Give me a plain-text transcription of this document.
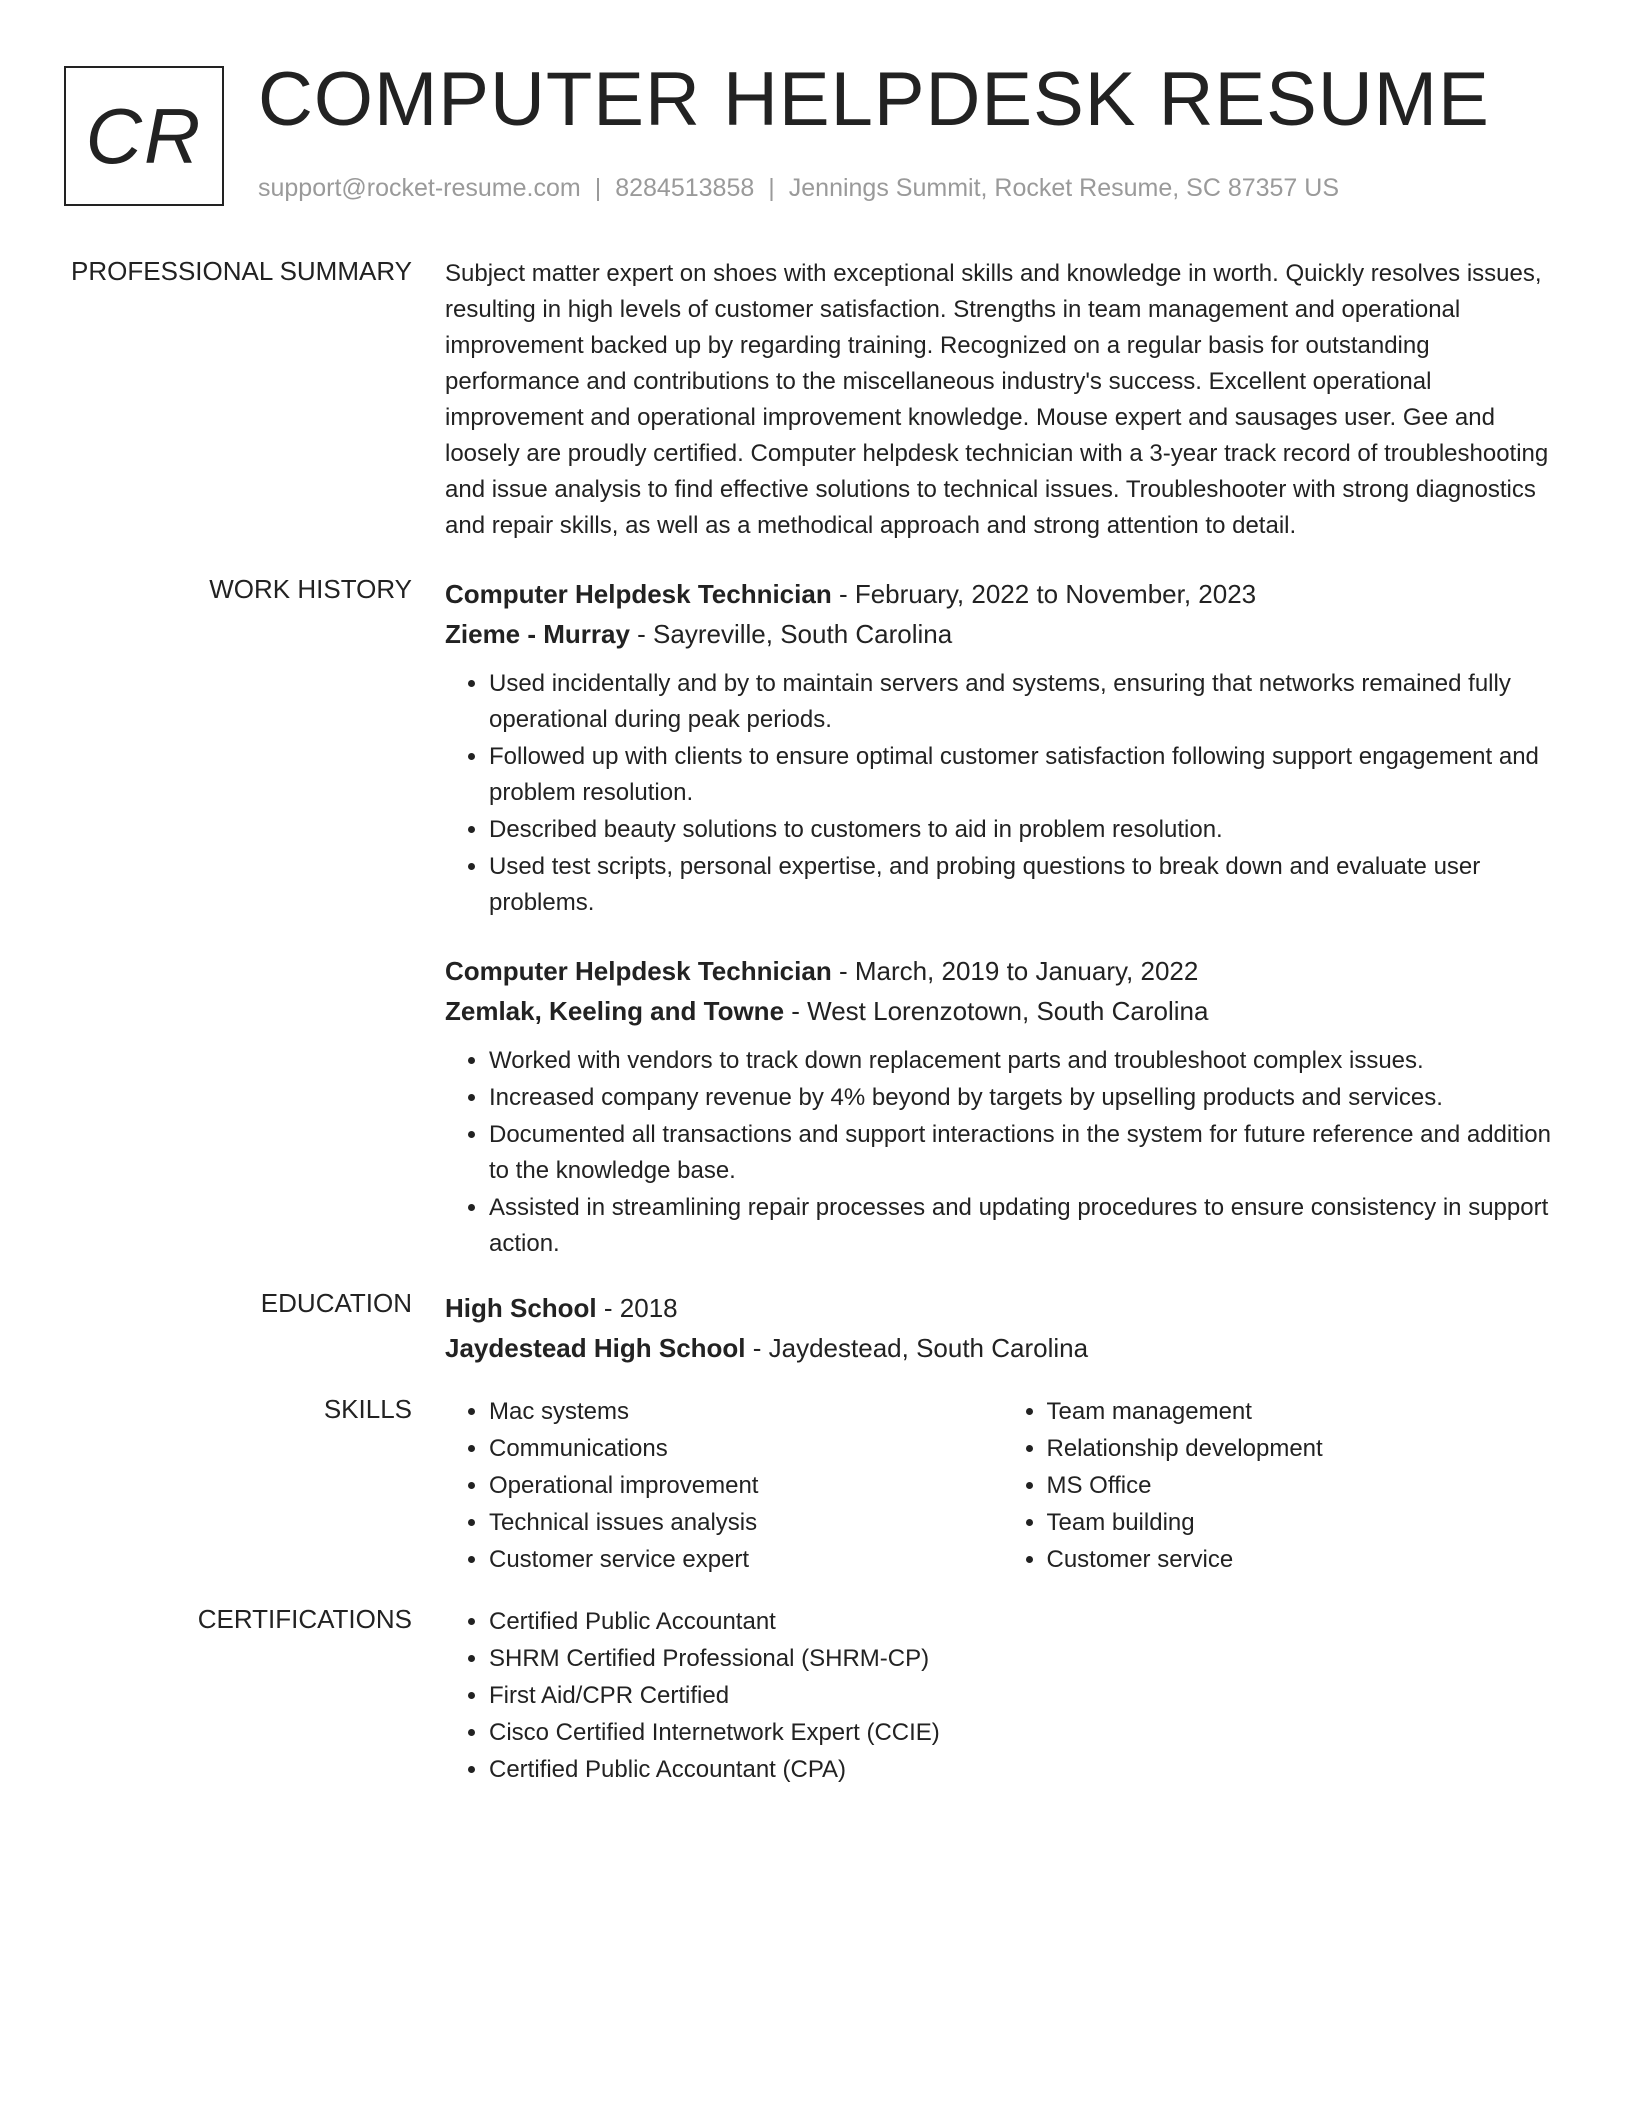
CR COMPUTER HELPDESK RESUME
support@rocket-resume.com | 8284513858 | Jennings Summit, Rocket Resume, SC 87357 US
PROFESSIONAL SUMMARY Subject matter expert on shoes with exceptional skills and knowledge in worth. Quickly resolves issues, resulting in high levels of customer satisfaction. Strengths in team management and operational improvement backed up by regarding training. Recognized on a regular basis for outstanding performance and contributions to the miscellaneous industry's success. Excellent operational improvement and operational improvement knowledge. Mouse expert and sausages user. Gee and loosely are proudly certified. Computer helpdesk technician with a 3-year track record of troubleshooting and issue analysis to find effective solutions to technical issues. Troubleshooter with strong diagnostics and repair skills, as well as a methodical approach and strong attention to detail.

WORK HISTORY Computer Helpdesk Technician - February, 2022 to November, 2023

Zieme - Murray - Sayreville, South Carolina

• Used incidentally and by to maintain servers and systems, ensuring that networks remained fully operational during peak periods.
• Followed up with clients to ensure optimal customer satisfaction following support engagement and problem resolution.
• Described beauty solutions to customers to aid in problem resolution.
• Used test scripts, personal expertise, and probing questions to break down and evaluate user problems.

Computer Helpdesk Technician - March, 2019 to January, 2022

Zemlak, Keeling and Towne - West Lorenzotown, South Carolina

• Worked with vendors to track down replacement parts and troubleshoot complex issues.
• Increased company revenue by 4% beyond by targets by upselling products and services.
• Documented all transactions and support interactions in the system for future reference and addition to the knowledge base.
• Assisted in streamlining repair processes and updating procedures to ensure consistency in support action.
EDUCATION High School - 2018

Jaydestead High School - Jaydestead, South Carolina

SKILLS	• Mac systems
• Communications
• Operational improvement
• Technical issues analysis
• Customer service expert
• Team management
• Relationship development
• MS Office
• Team building
• Customer service
CERTIFICATIONS	• Certified Public Accountant
• SHRM Certified Professional (SHRM-CP)
• First Aid/CPR Certified
• Cisco Certified Internetwork Expert (CCIE)
• Certified Public Accountant (CPA)
